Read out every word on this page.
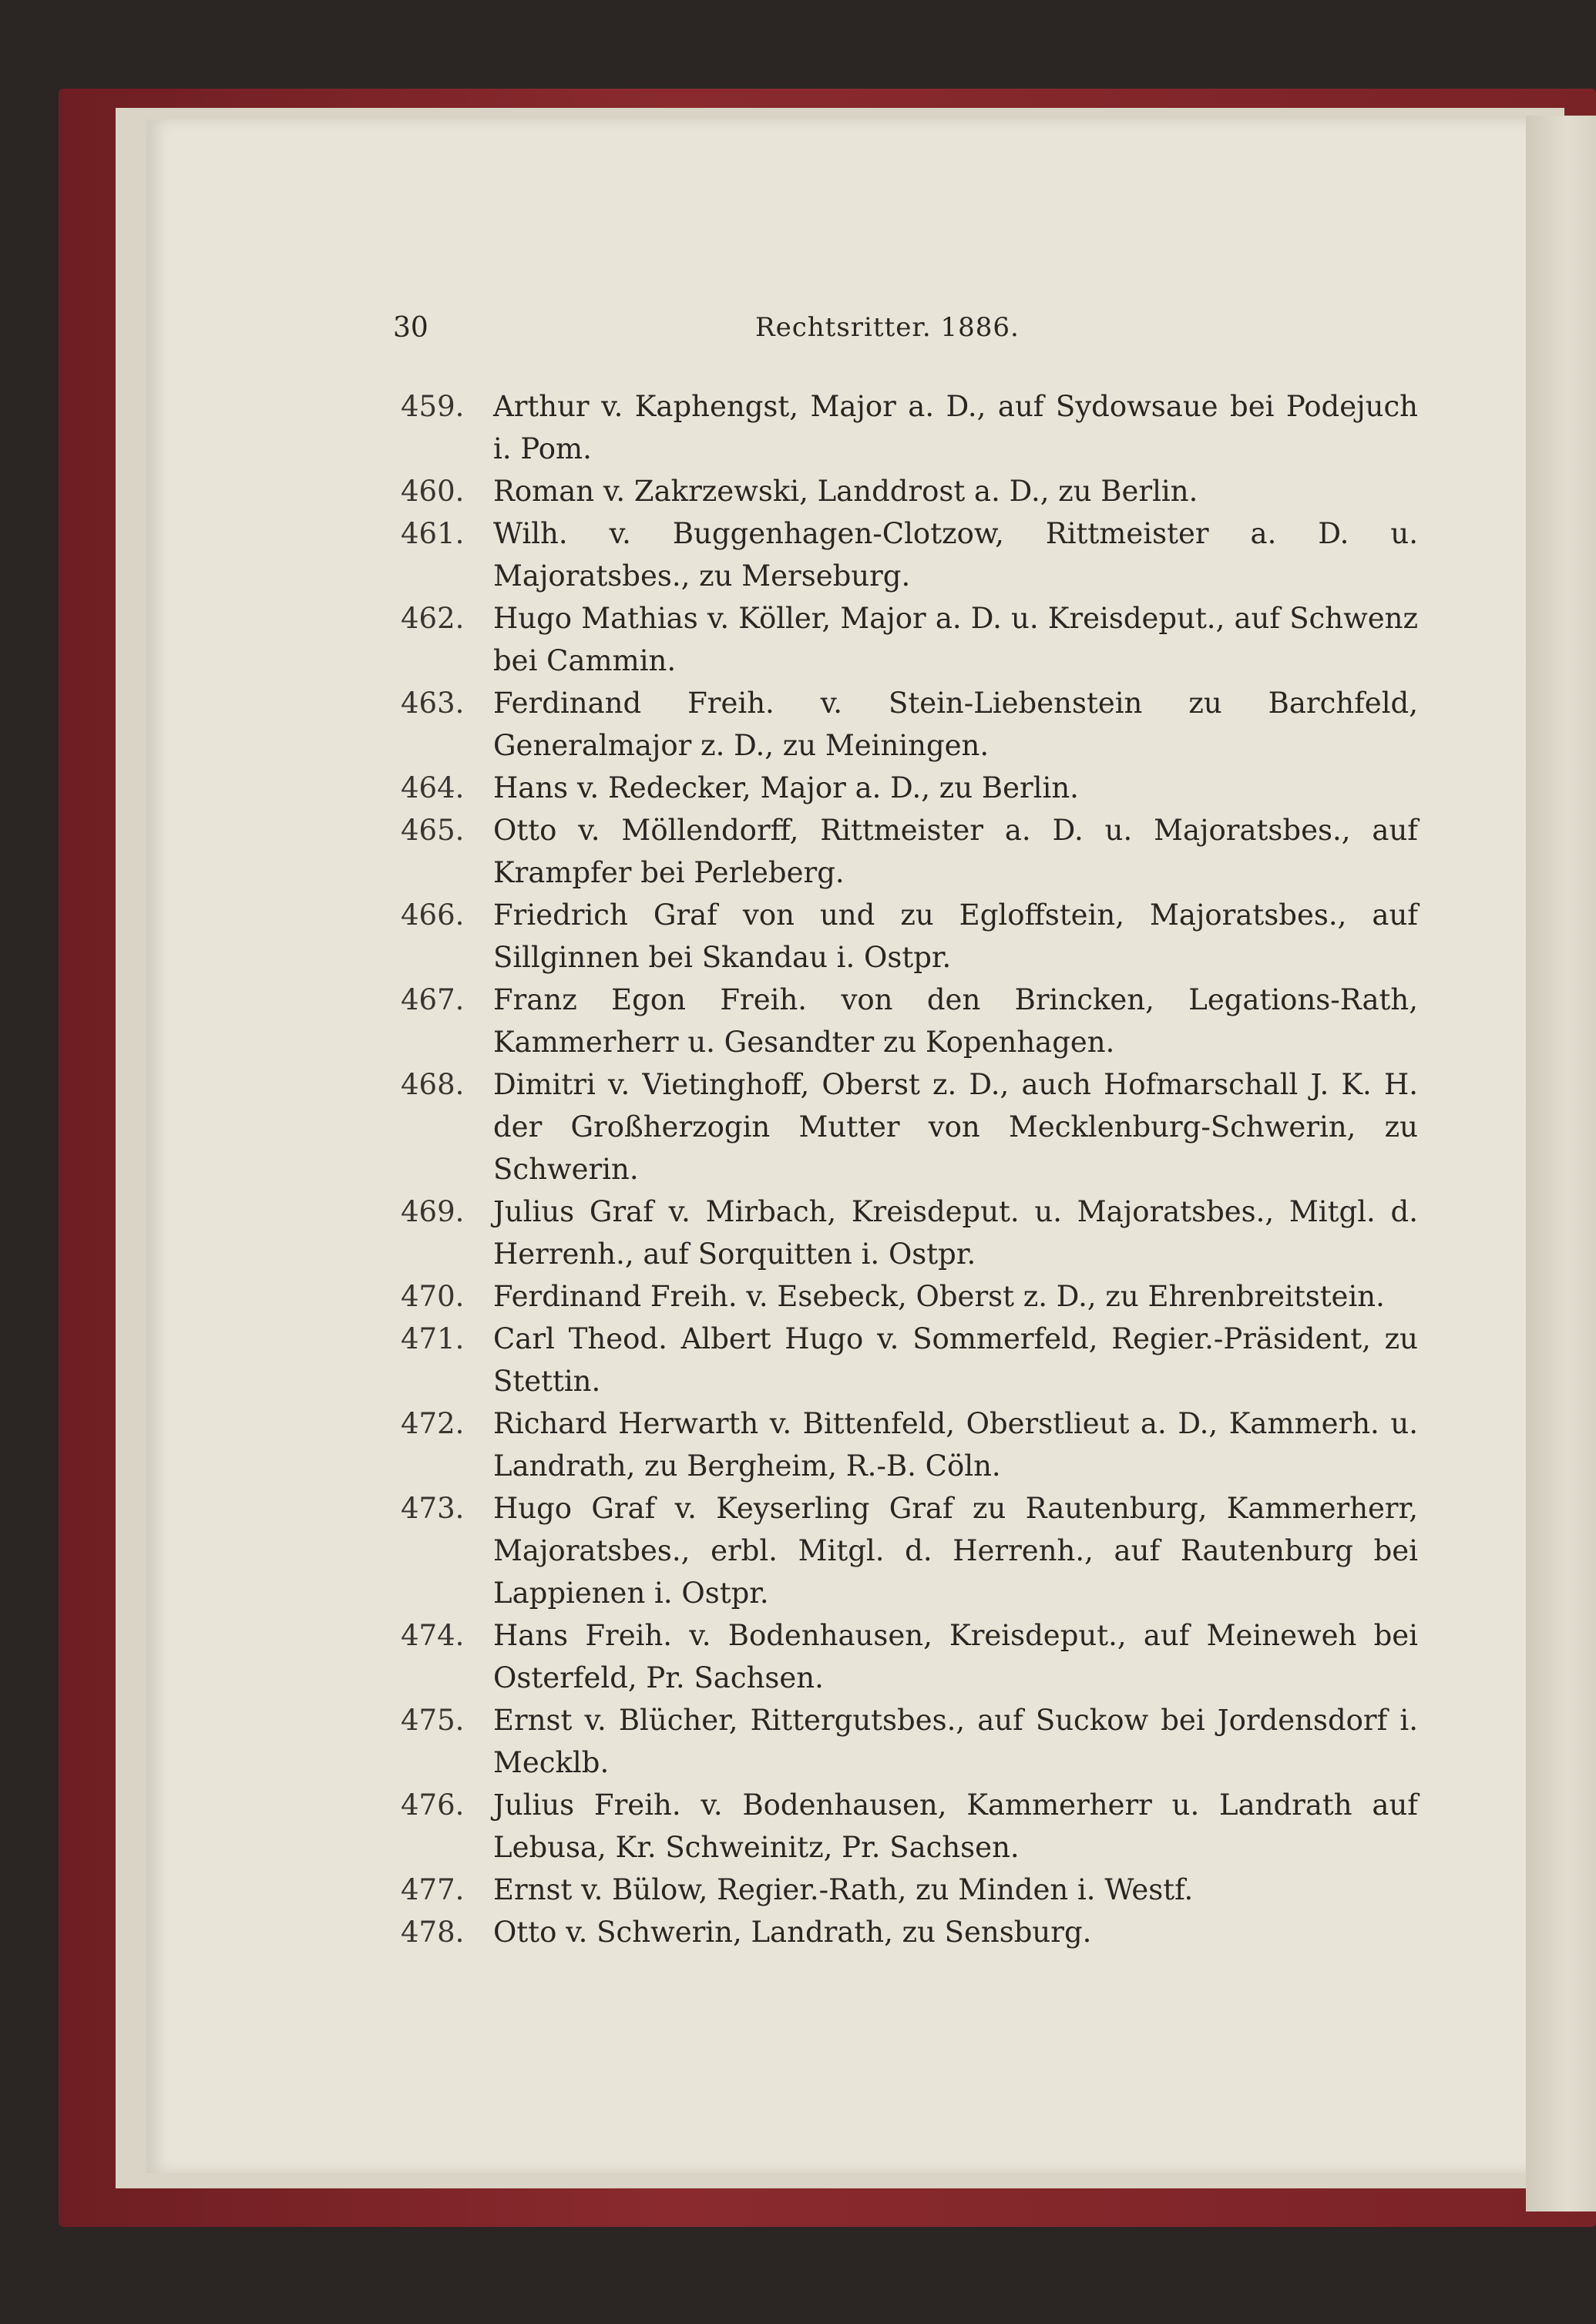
30	Rechtsritter. 1886.
459.	Arthur v. Kaphengst, Major a. D., auf Sydowsaue bei Podejuch i. Pom.
460.	Roman v. Zakrzewski, Landdrost a. D., zu Berlin.
461.	Wilh. v. Buggenhagen-Clotzow, Rittmeister a. D. u. Majoratsbes., zu Merseburg.
462.	Hugo Mathias v. Köller, Major a. D. u. Kreisdeput., auf Schwenz bei Cammin.
463.	Ferdinand Freih. v. Stein-Liebenstein zu Barchfeld, Generalmajor z. D., zu Meiningen.
464.	Hans v. Redecker, Major a. D., zu Berlin.
465.	Otto v. Möllendorff, Rittmeister a. D. u. Majoratsbes., auf Krampfer bei Perleberg.
466.	Friedrich Graf von und zu Egloffstein, Majoratsbes., auf Sillginnen bei Skandau i. Ostpr.
467.	Franz Egon Freih. von den Brincken, Legations-Rath, Kammerherr u. Gesandter zu Kopenhagen.
468.	Dimitri v. Vietinghoff, Oberst z. D., auch Hofmarschall J. K. H. der Großherzogin Mutter von Mecklenburg-Schwerin, zu Schwerin.
469.	Julius Graf v. Mirbach, Kreisdeput. u. Majoratsbes., Mitgl. d. Herrenh., auf Sorquitten i. Ostpr.
470.	Ferdinand Freih. v. Esebeck, Oberst z. D., zu Ehrenbreitstein.
471.	Carl Theod. Albert Hugo v. Sommerfeld, Regier.-Präsident, zu Stettin.
472.	Richard Herwarth v. Bittenfeld, Oberstlieut a. D., Kammerh. u. Landrath, zu Bergheim, R.-B. Cöln.
473.	Hugo Graf v. Keyserling Graf zu Rautenburg, Kammerherr, Majoratsbes., erbl. Mitgl. d. Herrenh., auf Rautenburg bei Lappienen i. Ostpr.
474.	Hans Freih. v. Bodenhausen, Kreisdeput., auf Meineweh bei Osterfeld, Pr. Sachsen.
475.	Ernst v. Blücher, Rittergutsbes., auf Suckow bei Jordensdorf i. Mecklb.
476.	Julius Freih. v. Bodenhausen, Kammerherr u. Landrath auf Lebusa, Kr. Schweinitz, Pr. Sachsen.
477.	Ernst v. Bülow, Regier.-Rath, zu Minden i. Westf.
478.	Otto v. Schwerin, Landrath, zu Sensburg.
